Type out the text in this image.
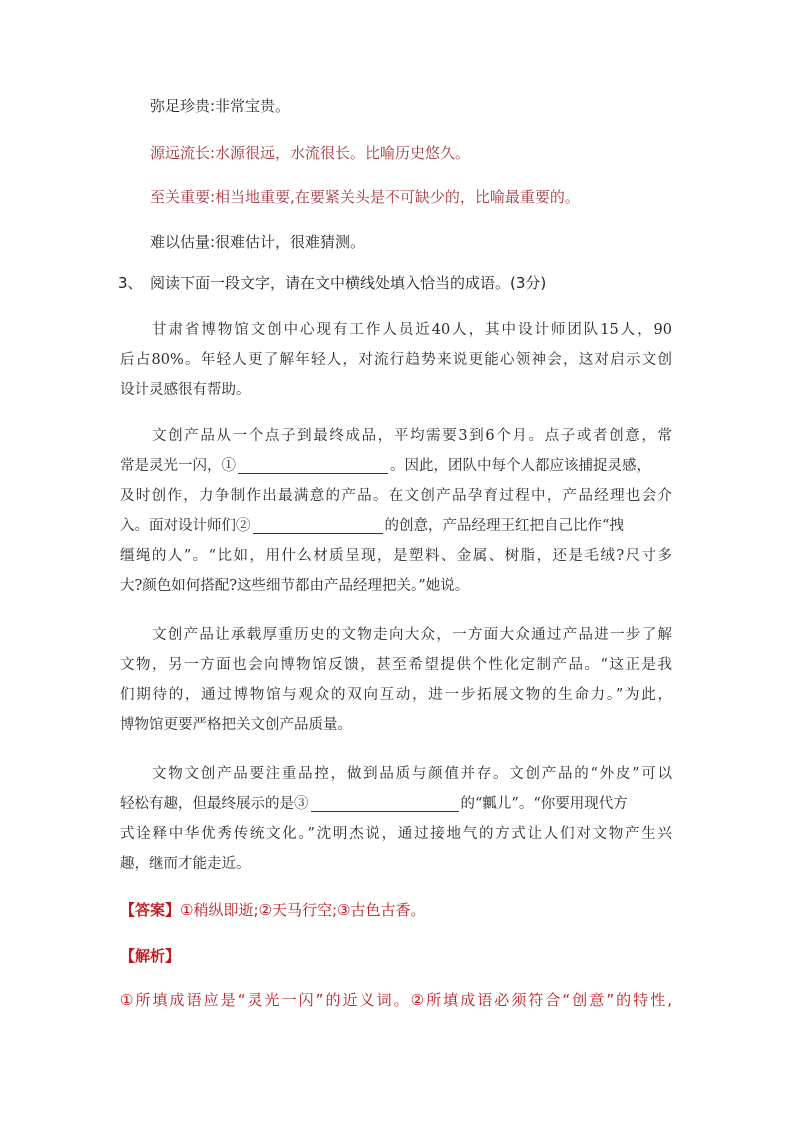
弥足珍贵:非常宝贵。
源远流长:水源很远，水流很长。比喻历史悠久。
至关重要:相当地重要,在要紧关头是不可缺少的，比喻最重要的。
难以估量:很难估计，很难猜测。
3、 阅读下面一段文字，请在文中横线处填入恰当的成语。(3分)
甘肃省博物馆文创中心现有工作人员近40人，其中设计师团队15人，90
后占80%。年轻人更了解年轻人，对流行趋势来说更能心领神会，这对启示文创
设计灵感很有帮助。
文创产品从一个点子到最终成品，平均需要3到6个月。点子或者创意，常
常是灵光一闪，①	。因此，团队中每个人都应该捕捉灵感，
及时创作，力争制作出最满意的产品。在文创产品孕育过程中，产品经理也会介
入。面对设计师们②	的创意，产品经理王红把自己比作“拽
缰绳的人”。“比如，用什么材质呈现，是塑料、金属、树脂，还是毛绒?尺寸多
大?颜色如何搭配?这些细节都由产品经理把关。”她说。
文创产品让承载厚重历史的文物走向大众，一方面大众通过产品进一步了解
文物，另一方面也会向博物馆反馈，甚至希望提供个性化定制产品。“这正是我
们期待的，通过博物馆与观众的双向互动，进一步拓展文物的生命力。”为此，
博物馆更要严格把关文创产品质量。
文物文创产品要注重品控，做到品质与颜值并存。文创产品的“外皮”可以
轻松有趣，但最终展示的是③	的“瓤儿”。“你要用现代方
式诠释中华优秀传统文化。”沈明杰说，通过接地气的方式让人们对文物产生兴
趣，继而才能走近。
【答案】①稍纵即逝;②天马行空;③古色古香。
【解析】
①所填成语应是“灵光一闪”的近义词。②所填成语必须符合“创意”的特性,
